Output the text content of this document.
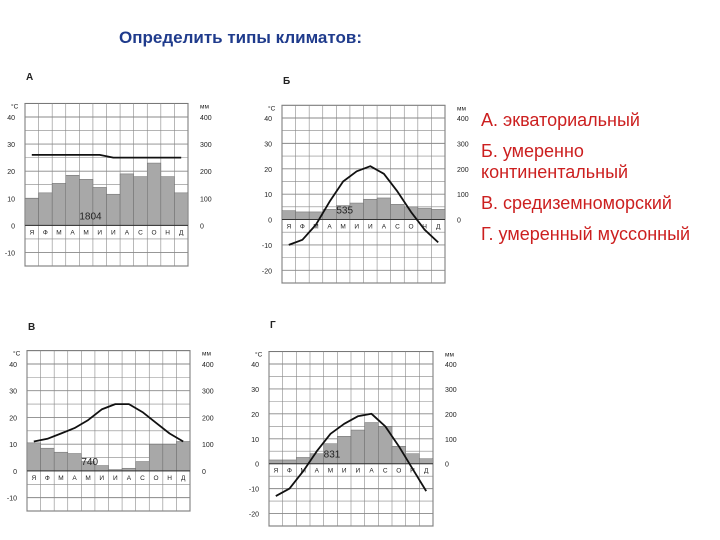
Определить типы климатов:
А
Я Ф М А М И И А С О Н Д
40
30
20
10
0
-10
400
300
200
100
0
°С	мм
1804
Б
Я Ф М А М И И А С О Н Д
40
30
20
10
0
-10
-20
400
300
200
100
0
°С	мм
535
В
Я Ф М А М И И А С О Н Д
40
30
20
10
0
-10
400
300
200
100
0
°С	мм
740
Г
Я Ф М А М И И А С О Н Д
40
30
20
10
0
-10
-20
400
300
200
100
0
°С	мм
831
А. экваториальный
Б. умеренно континентальный
В. средиземноморский
Г. умеренный муссонный
